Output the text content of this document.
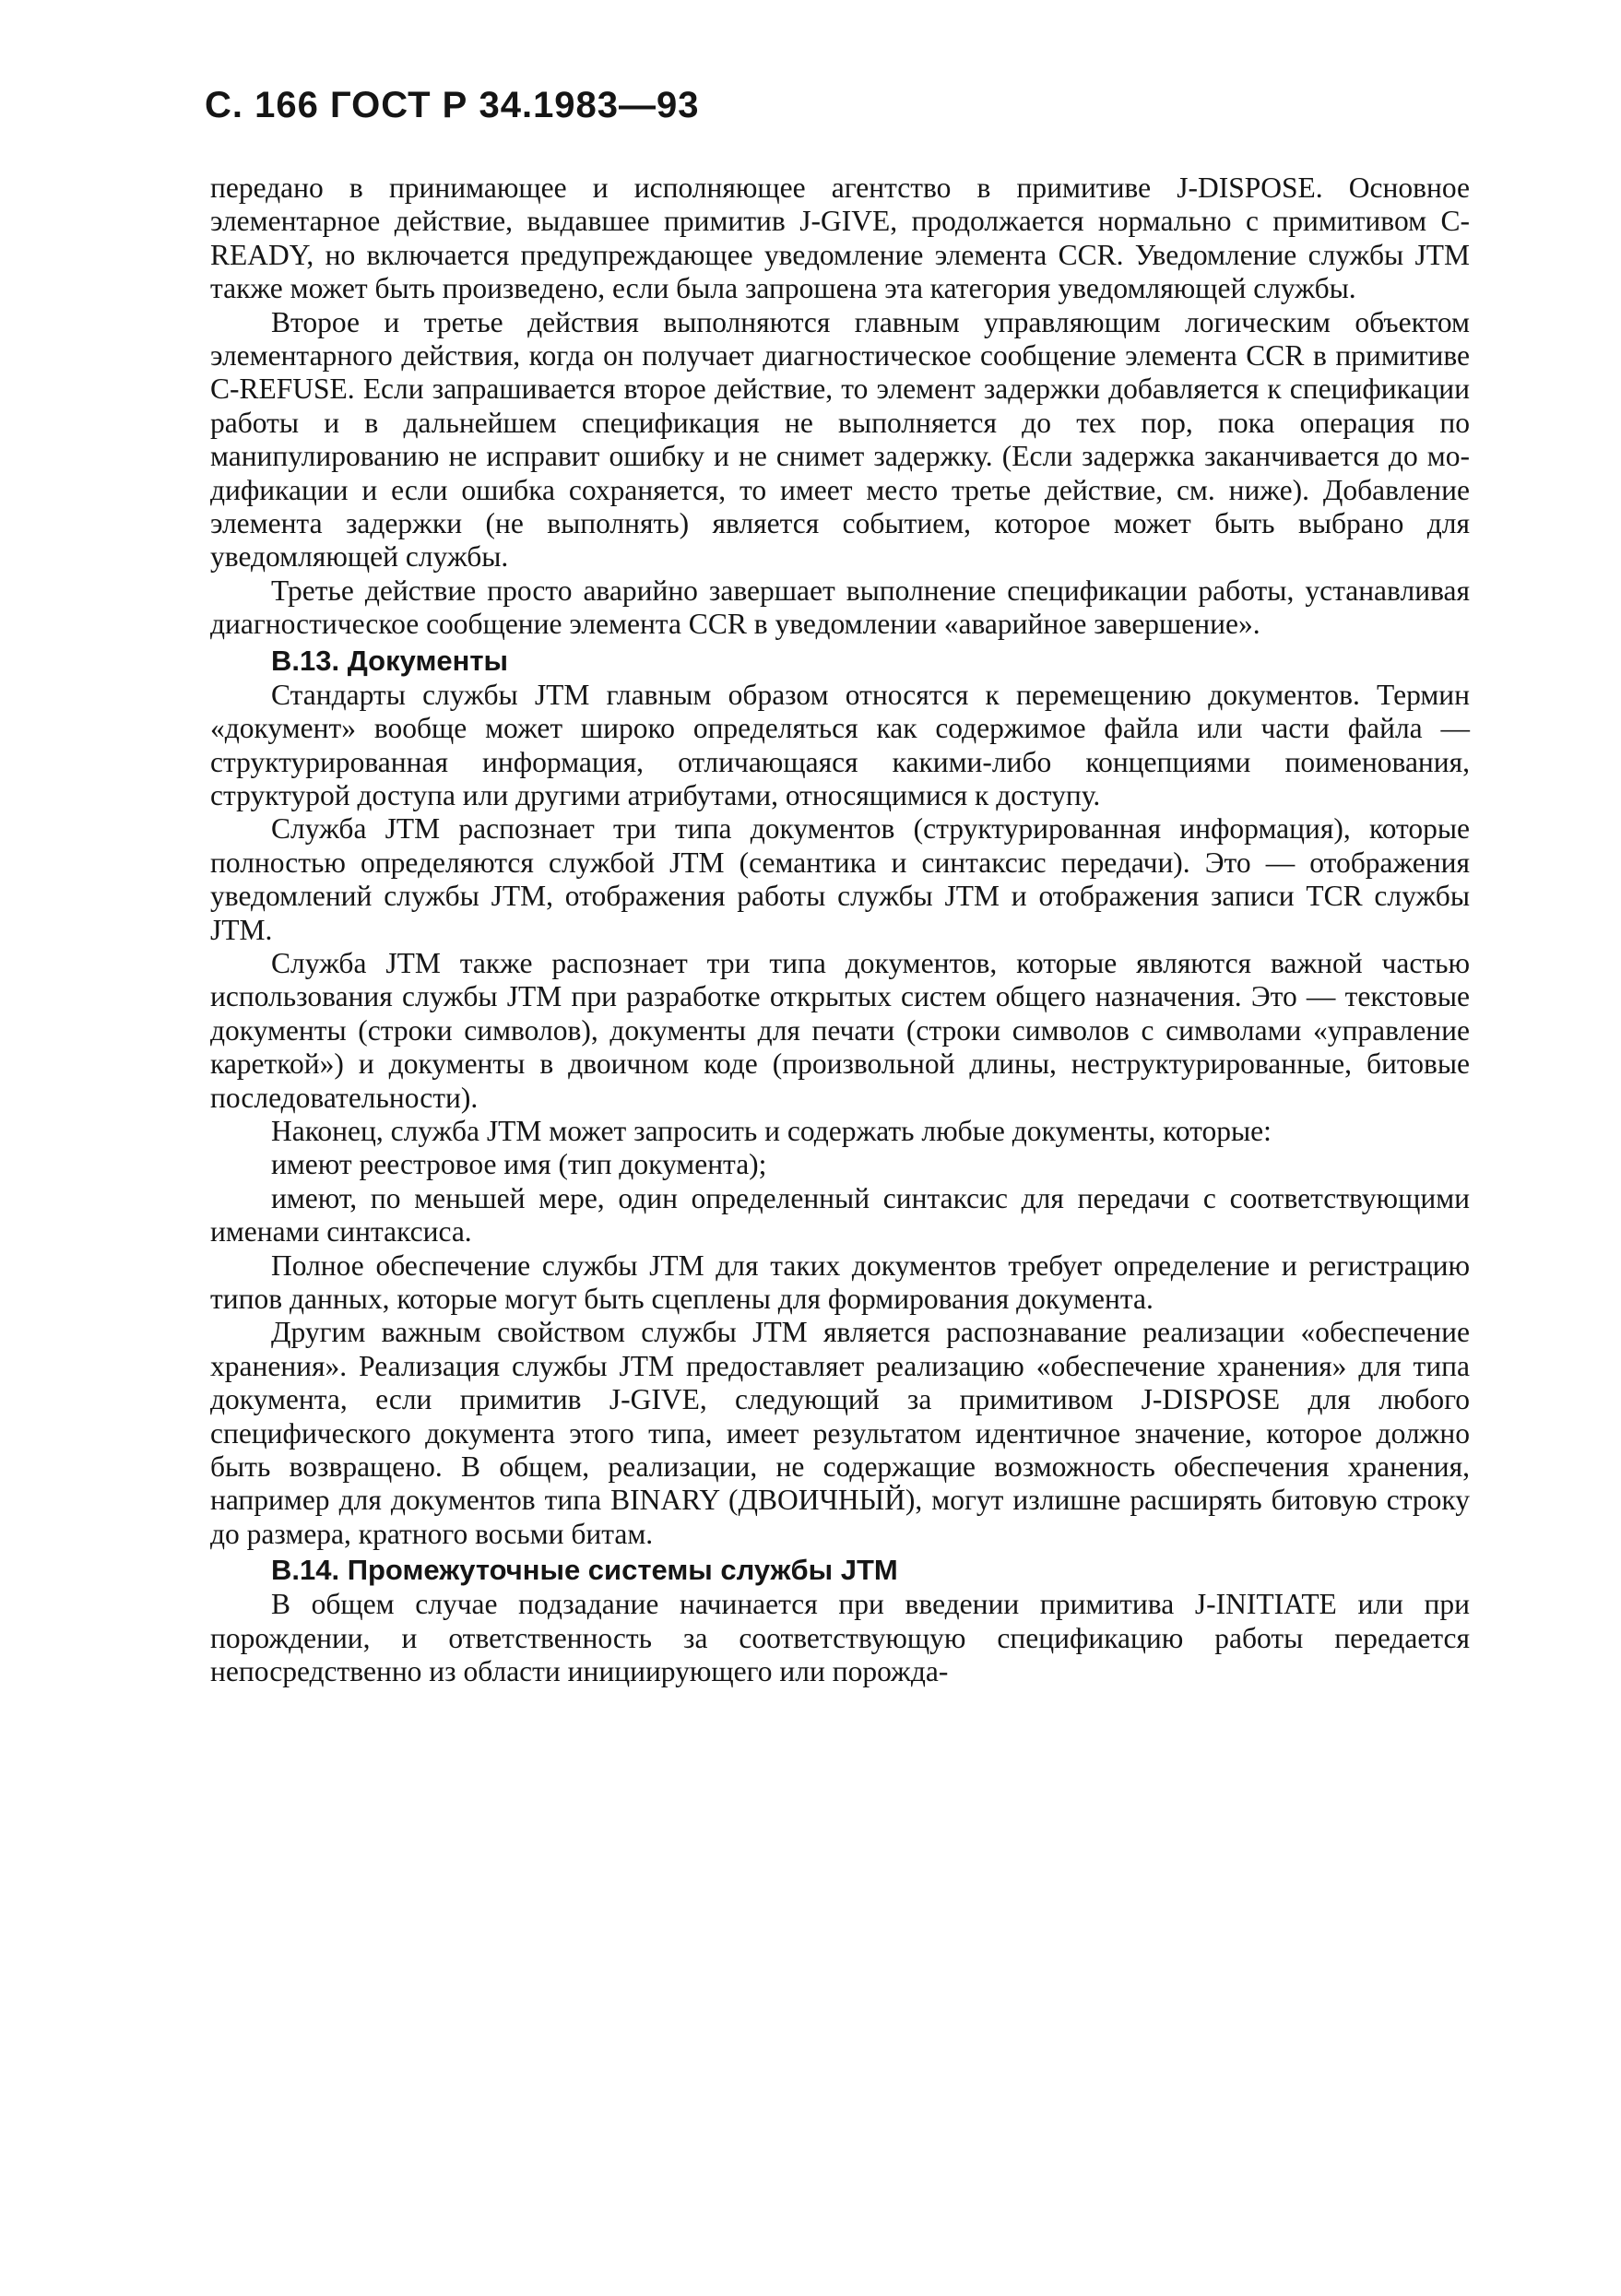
С. 166 ГОСТ Р 34.1983—93

передано в принимающее и исполняющее агентство в примитиве J-DISPOSE. Основное элементарное действие, выдавшее примитив J-GIVE, продолжается нормально с примитивом C-READY, но включается предупреждающее уведомление элемента CCR. Уведомление службы JTM также может быть произведено, если была запрошена эта категория уведомляющей службы.

Второе и третье действия выполняются главным управляющим логическим объектом элементарного действия, когда он получает диагностическое сообщение элемента CCR в примитиве C-REFUSE. Если запрашивается второе действие, то элемент задержки добавляется к спецификации работы и в дальнейшем спецификация не выполняется до тех пор, пока операция по манипулированию не исправит ошибку и не снимет задержку. (Если задержка заканчивается до модификации и если ошибка сохраняется, то имеет место третье действие, см. ниже). Добавление элемента задержки (не выполнять) является событием, которое может быть выбрано для уведомляющей службы.

Третье действие просто аварийно завершает выполнение спецификации работы, устанавливая диагностическое сообщение элемента CCR в уведомлении «аварийное завершение».

В.13. Документы

Стандарты службы JTM главным образом относятся к перемещению документов. Термин «документ» вообще может широко определяться как содержимое файла или части файла — структурированная информация, отличающаяся какими-либо концепциями поименования, структурой доступа или другими атрибутами, относящимися к доступу.

Служба JTM распознает три типа документов (структурированная информация), которые полностью определяются службой JTM (семантика и синтаксис передачи). Это — отображения уведомлений службы JTM, отображения работы службы JTM и отображения записи TCR службы JTM.

Служба JTM также распознает три типа документов, которые являются важной частью использования службы JTM при разработке открытых систем общего назначения. Это — текстовые документы (строки символов), документы для печати (строки символов с символами «управление кареткой») и документы в двоичном коде (произвольной длины, неструктурированные, битовые последовательности).

Наконец, служба JTM может запросить и содержать любые документы, которые:

имеют реестровое имя (тип документа);

имеют, по меньшей мере, один определенный синтаксис для передачи с соответствующими именами синтаксиса.

Полное обеспечение службы JTM для таких документов требует определение и регистрацию типов данных, которые могут быть сцеплены для формирования документа.

Другим важным свойством службы JTM является распознавание реализации «обеспечение хранения». Реализация службы JTM предоставляет реализацию «обеспечение хранения» для типа документа, если примитив J-GIVE, следующий за примитивом J-DISPOSE для любого специфического документа этого типа, имеет результатом идентичное значение, которое должно быть возвращено. В общем, реализации, не содержащие возможность обеспечения хранения, например для документов типа BINARY (ДВОИЧНЫЙ), могут излишне расширять битовую строку до размера, кратного восьми битам.

В.14. Промежуточные системы службы JTM

В общем случае подзадание начинается при введении примитива J-INITIATE или при порождении, и ответственность за соответствующую спецификацию работы передается непосредственно из области инициирующего или порожда-
